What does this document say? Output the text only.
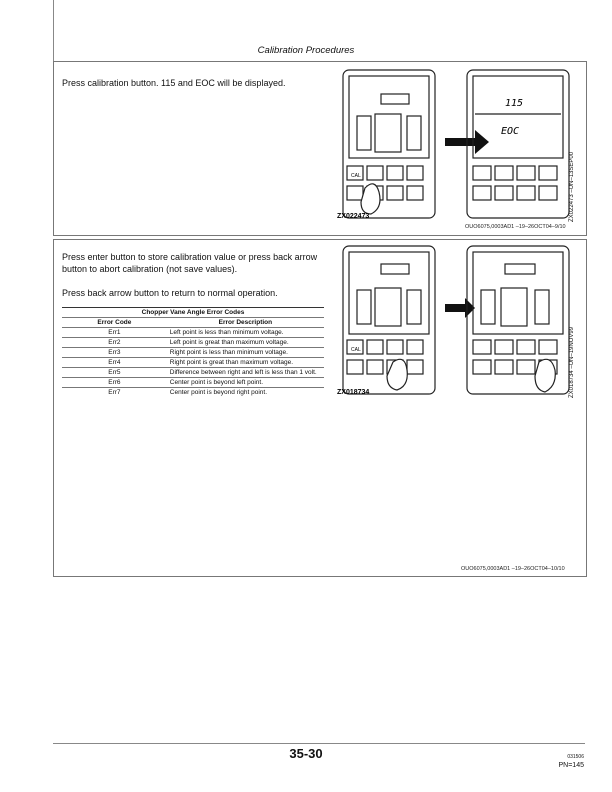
Calibration Procedures
Press calibration button. 115 and EOC will be displayed.
CAL
115
EOC
ZX022473	ZX022473 –UN–13SEP00
OUO6075,0003AD1 –19–26OCT04–9/10
Press enter button to store calibration value or press back arrow button to abort calibration (not save values).
Press back arrow button to return to normal operation.
Chopper Vane Angle Error Codes	
Error Code	Error Description
Err1	Left point is less than minimum voltage.
Err2	Left point is great than maximum voltage.
Err3	Right point is less than minimum voltage.
Err4	Right point is great than maximum voltage.
Err5	Difference between right and left is less than 1 volt.
Err6	Center point is beyond left point.
Err7	Center point is beyond right point.
CAL
ZX018734	ZX018734 –UN–19NOV99
OUO6075,0003AD1 –19–26OCT04–10/10
35-30	031506
PN=145
